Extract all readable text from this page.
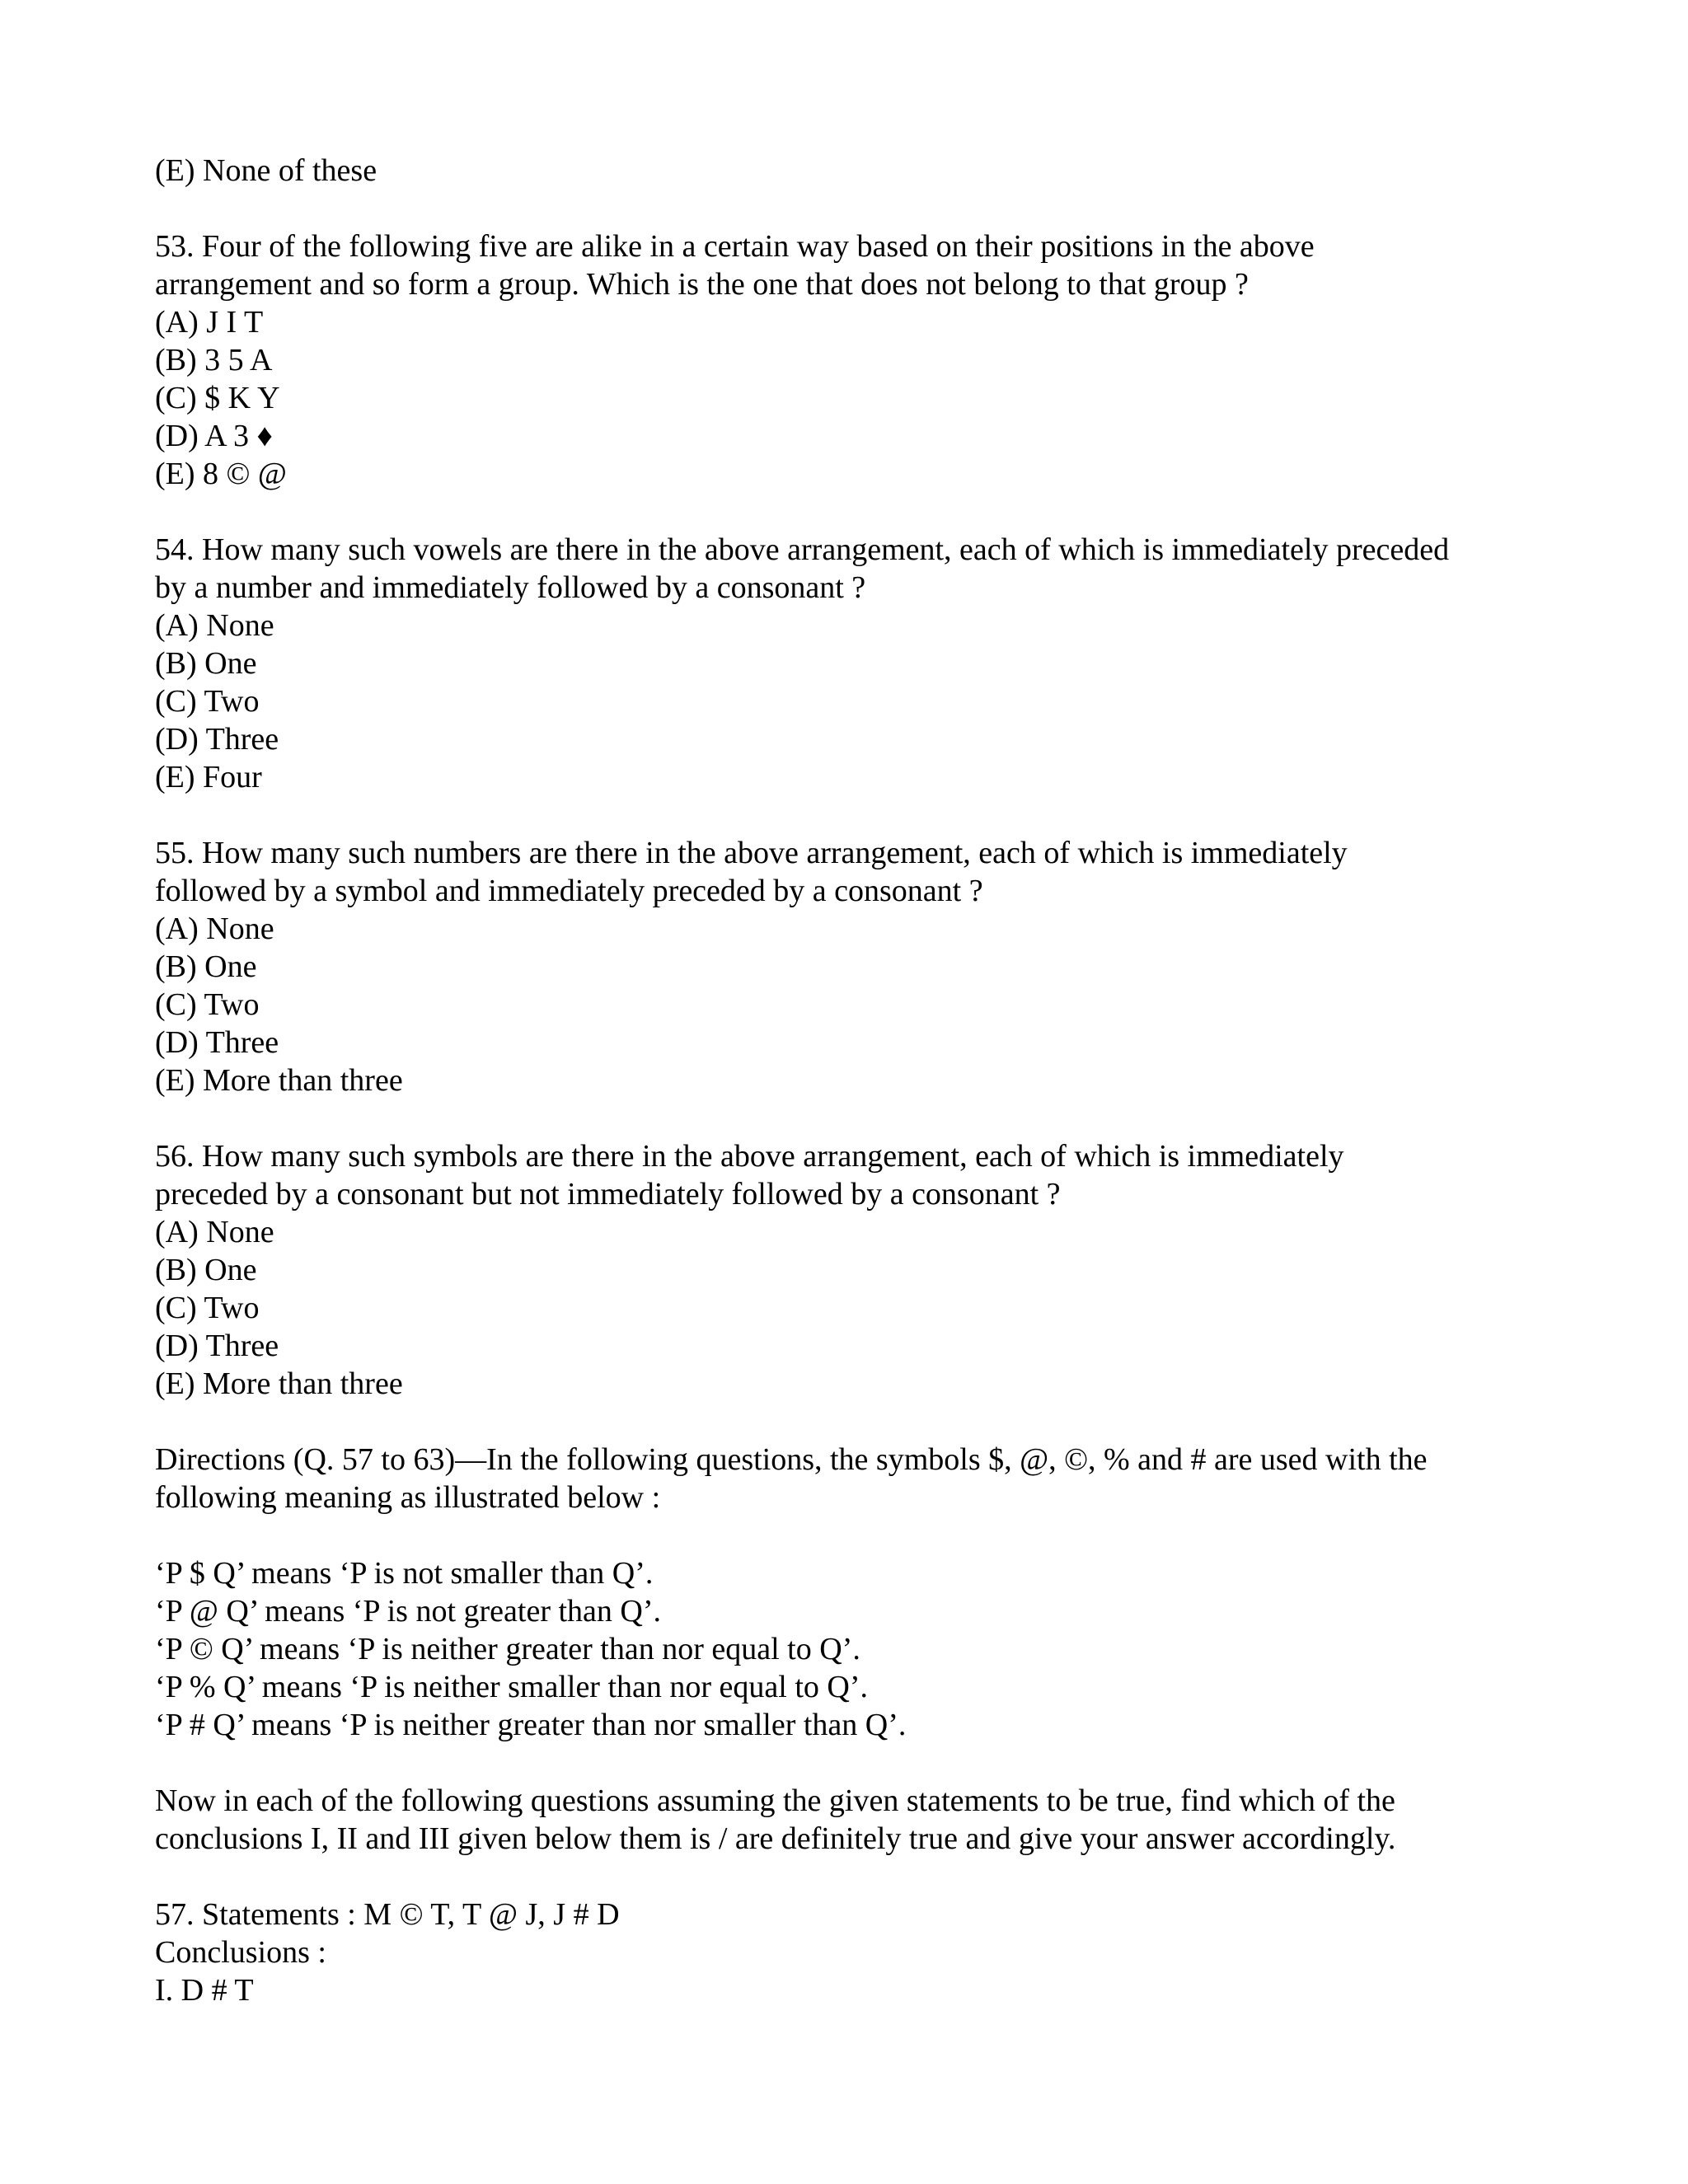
(E) None of these
53. Four of the following five are alike in a certain way based on their positions in the above
arrangement and so form a group. Which is the one that does not belong to that group ?
(A) J I T
(B) 3 5 A
(C) $ K Y
(D) A 3 ♦
(E) 8 © @
54. How many such vowels are there in the above arrangement, each of which is immediately preceded
by a number and immediately followed by a consonant ?
(A) None
(B) One
(C) Two
(D) Three
(E) Four
55. How many such numbers are there in the above arrangement, each of which is immediately
followed by a symbol and immediately preceded by a consonant ?
(A) None
(B) One
(C) Two
(D) Three
(E) More than three
56. How many such symbols are there in the above arrangement, each of which is immediately
preceded by a consonant but not immediately followed by a consonant ?
(A) None
(B) One
(C) Two
(D) Three
(E) More than three
Directions (Q. 57 to 63)—In the following questions, the symbols $, @, ©, % and # are used with the
following meaning as illustrated below :
‘P $ Q’ means ‘P is not smaller than Q’.
‘P @ Q’ means ‘P is not greater than Q’.
‘P © Q’ means ‘P is neither greater than nor equal to Q’.
‘P % Q’ means ‘P is neither smaller than nor equal to Q’.
‘P # Q’ means ‘P is neither greater than nor smaller than Q’.
Now in each of the following questions assuming the given statements to be true, find which of the
conclusions I, II and III given below them is / are definitely true and give your answer accordingly.
57. Statements : M © T, T @ J, J # D
Conclusions :
I. D # T
